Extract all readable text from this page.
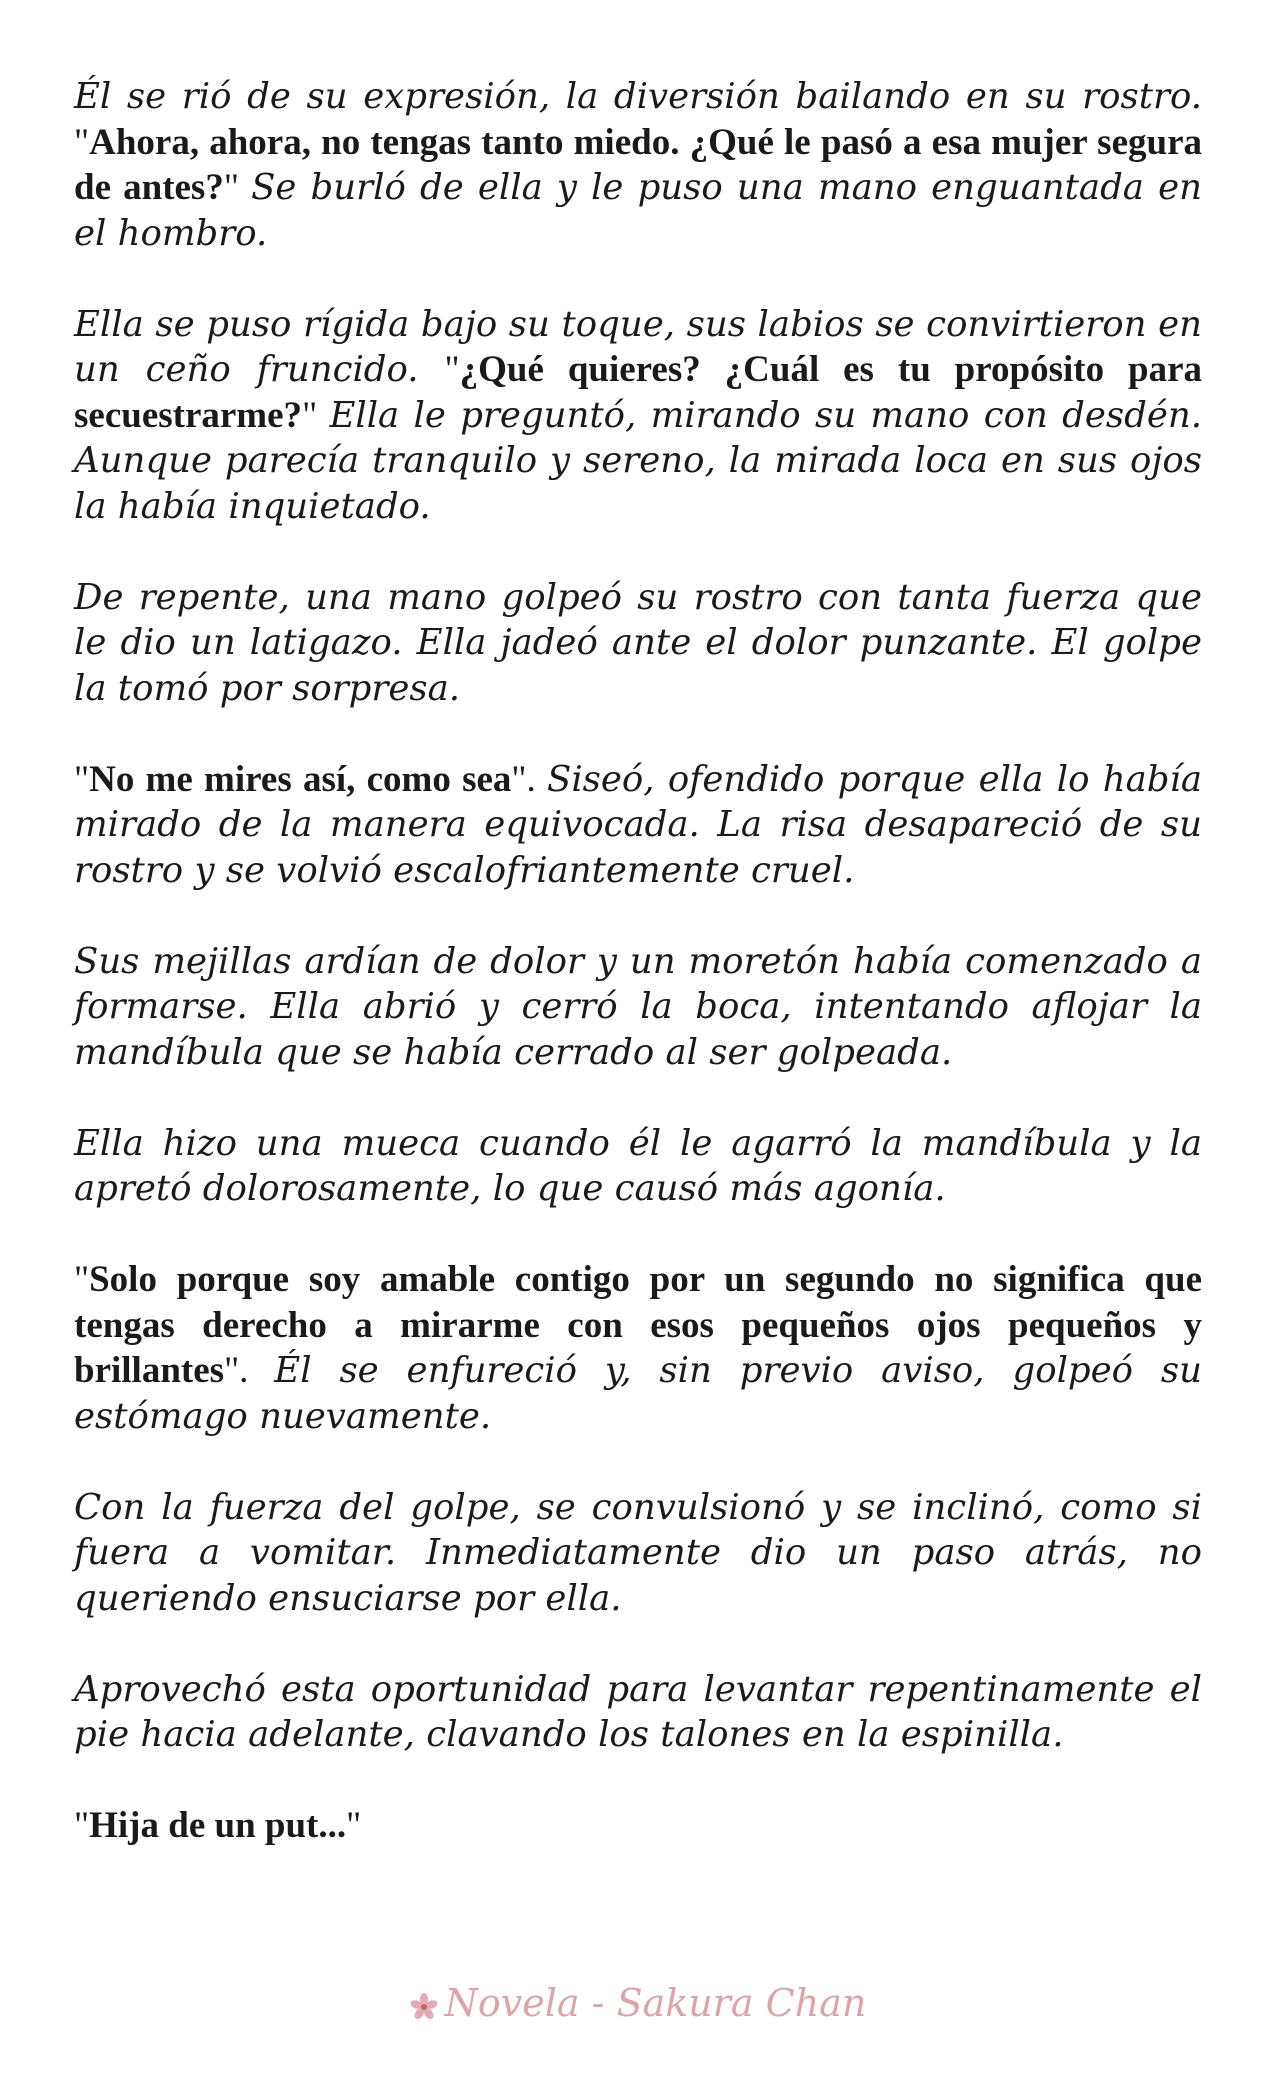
Él se rió de su expresión, la diversión bailando en su rostro. "Ahora, ahora, no tengas tanto miedo. ¿Qué le pasó a esa mujer segura de antes?" Se burló de ella y le puso una mano enguantada en el hombro.

Ella se puso rígida bajo su toque, sus labios se convirtieron en un ceño fruncido. "¿Qué quieres? ¿Cuál es tu propósito para secuestrarme?" Ella le preguntó, mirando su mano con desdén. Aunque parecía tranquilo y sereno, la mirada loca en sus ojos la había inquietado.

De repente, una mano golpeó su rostro con tanta fuerza que le dio un latigazo. Ella jadeó ante el dolor punzante. El golpe la tomó por sorpresa.

"No me mires así, como sea". Siseó, ofendido porque ella lo había mirado de la manera equivocada. La risa desapareció de su rostro y se volvió escalofriantemente cruel.

Sus mejillas ardían de dolor y un moretón había comenzado a formarse. Ella abrió y cerró la boca, intentando aflojar la mandíbula que se había cerrado al ser golpeada.

Ella hizo una mueca cuando él le agarró la mandíbula y la apretó dolorosamente, lo que causó más agonía.

"Solo porque soy amable contigo por un segundo no significa que tengas derecho a mirarme con esos pequeños ojos pequeños y brillantes". Él se enfureció y, sin previo aviso, golpeó su estómago nuevamente.

Con la fuerza del golpe, se convulsionó y se inclinó, como si fuera a vomitar. Inmediatamente dio un paso atrás, no queriendo ensuciarse por ella.

Aprovechó esta oportunidad para levantar repentinamente el pie hacia adelante, clavando los talones en la espinilla.

"Hija de un put..."

Novela - Sakura Chan
